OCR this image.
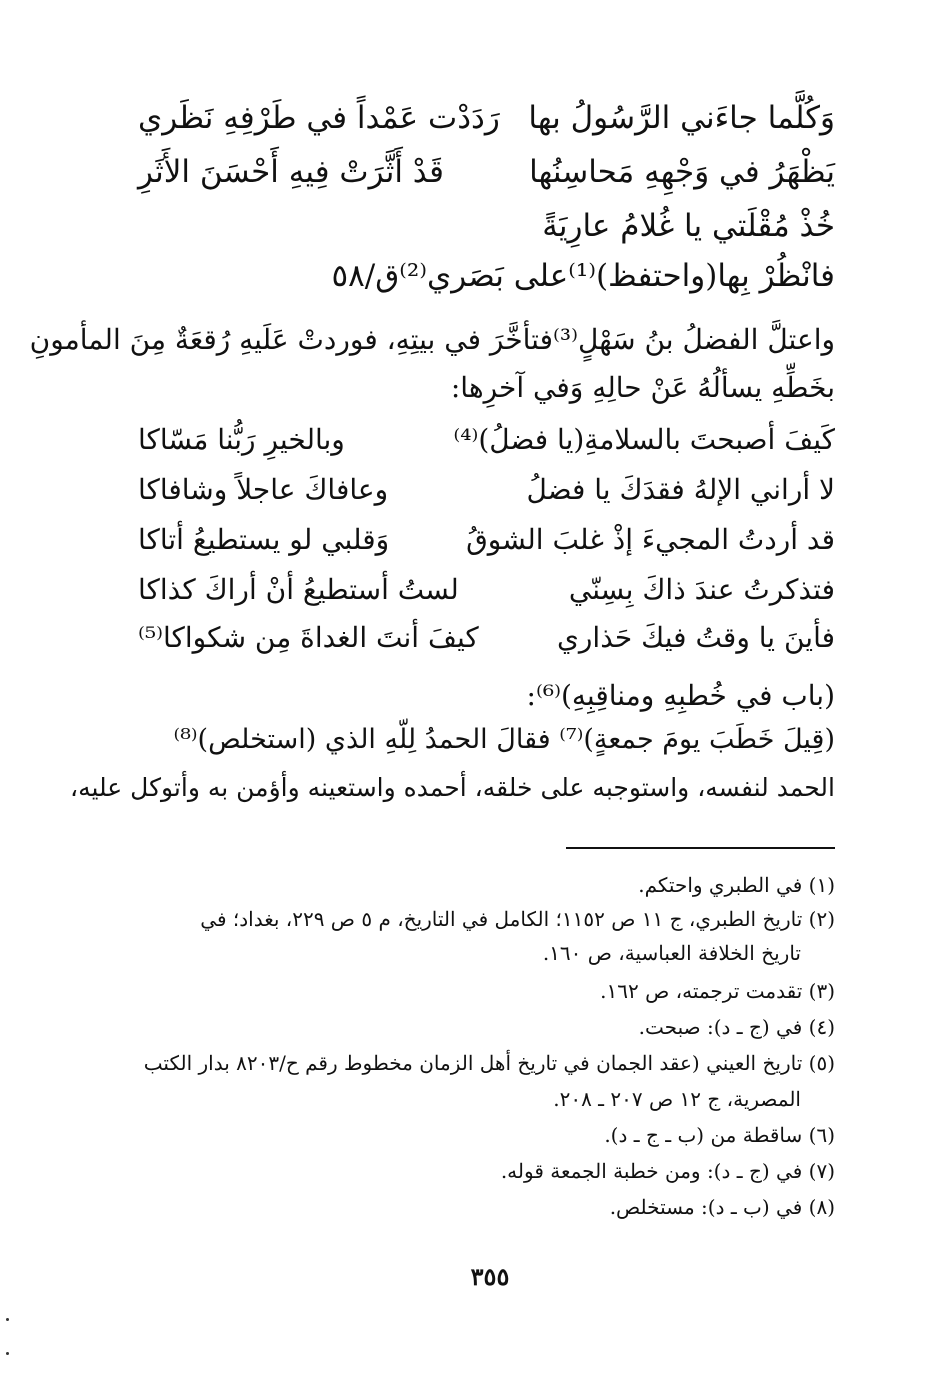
وَكُلَّما جاءَني الرَّسُولُ بها
رَدَدْت عَمْداً في طَرْفِهِ نَظَري
يَظْهَرُ في وَجْهِهِ مَحاسِنُها
قَدْ أَثَّرَتْ فِيهِ أَحْسَنَ الأَثَرِ
خُذْ مُقْلَتي يا غُلامُ عارِيَةً
فانْظُرْ بِها(واحتفظ)⁽¹⁾على بَصَري⁽²⁾ق/٥٨
واعتلَّ الفضلُ بنُ سَهْلٍ⁽³⁾فتأخَّرَ في بيتِهِ، فوردتْ عَلَيهِ رُقعَةٌ مِنَ المأمونِ
بخَطِّهِ يسألُهُ عَنْ حالِهِ وَفي آخرِها:
كَيفَ أصبحتَ بالسلامةِ(يا فضلُ)⁽⁴⁾
وبالخيرِ رَبُّنا مَسّاكا
لا أراني الإلهُ فقدَكَ يا فضلُ
وعافاكَ عاجلاً وشافاكا
قد أردتُ المجيءَ إذْ غلبَ الشوقُ
وَقلبي لو يستطيعُ أتاكا
فتذكرتُ عندَ ذاكَ بِسِنّي
لستُ أستطيعُ أنْ أراكَ كذاكا
فأينَ يا وقتُ فيكَ حَذاري
كيفَ أنتَ الغداةَ مِن شكواكا⁽⁵⁾
(باب في خُطبِهِ ومناقِبِهِ)⁽⁶⁾:
(قِيلَ خَطَبَ يومَ جمعةٍ)⁽⁷⁾ فقالَ الحمدُ لِلّهِ الذي (استخلص)⁽⁸⁾
الحمد لنفسه، واستوجبه على خلقه، أحمده واستعينه وأؤمن به وأتوكل عليه،
(١) في الطبري واحتكم.
(٢) تاريخ الطبري، ج ١١ ص ١١٥٢؛ الكامل في التاريخ، م ٥ ص ٢٢٩، بغداد؛ في
تاريخ الخلافة العباسية، ص ١٦٠.
(٣) تقدمت ترجمته، ص ١٦٢.
(٤) في (ج ـ د): صبحت.
(٥) تاريخ العيني (عقد الجمان في تاريخ أهل الزمان مخطوط رقم ح/٨٢٠٣ بدار الكتب
المصرية، ج ١٢ ص ٢٠٧ ـ ٢٠٨.
(٦) ساقطة من (ب ـ ج ـ د).
(٧) في (ج ـ د): ومن خطبة الجمعة قوله.
(٨) في (ب ـ د): مستخلص.
٣٥٥
